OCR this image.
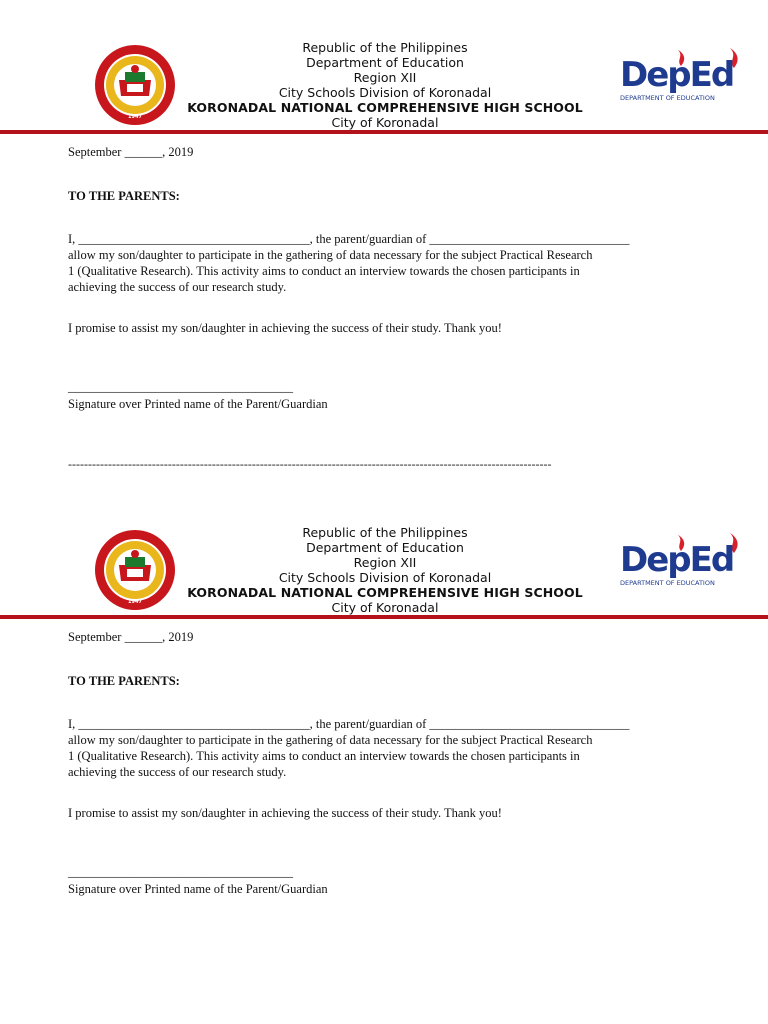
1947
Republic of the Philippines
Department of Education
Region XII
City Schools Division of Koronadal
KORONADAL NATIONAL COMPREHENSIVE HIGH SCHOOL
City of Koronadal
DepEd
DEPARTMENT OF EDUCATION
September ______, 2019
TO THE PARENTS:
I, _____________________________________, the parent/guardian of ________________________________
allow my son/daughter to participate in the gathering of data necessary for the subject Practical Research
1 (Qualitative Research). This activity aims to conduct an interview towards the chosen participants in
achieving the success of our research study.
I promise to assist my son/daughter in achieving the success of their study. Thank you!
____________________________________
Signature over Printed name of the Parent/Guardian
-------------------------------------------------------------------------------------------------------------------------
1947
Republic of the Philippines
Department of Education
Region XII
City Schools Division of Koronadal
KORONADAL NATIONAL COMPREHENSIVE HIGH SCHOOL
City of Koronadal
DepEd
DEPARTMENT OF EDUCATION
September ______, 2019
TO THE PARENTS:
I, _____________________________________, the parent/guardian of ________________________________
allow my son/daughter to participate in the gathering of data necessary for the subject Practical Research
1 (Qualitative Research). This activity aims to conduct an interview towards the chosen participants in
achieving the success of our research study.
I promise to assist my son/daughter in achieving the success of their study. Thank you!
____________________________________
Signature over Printed name of the Parent/Guardian
